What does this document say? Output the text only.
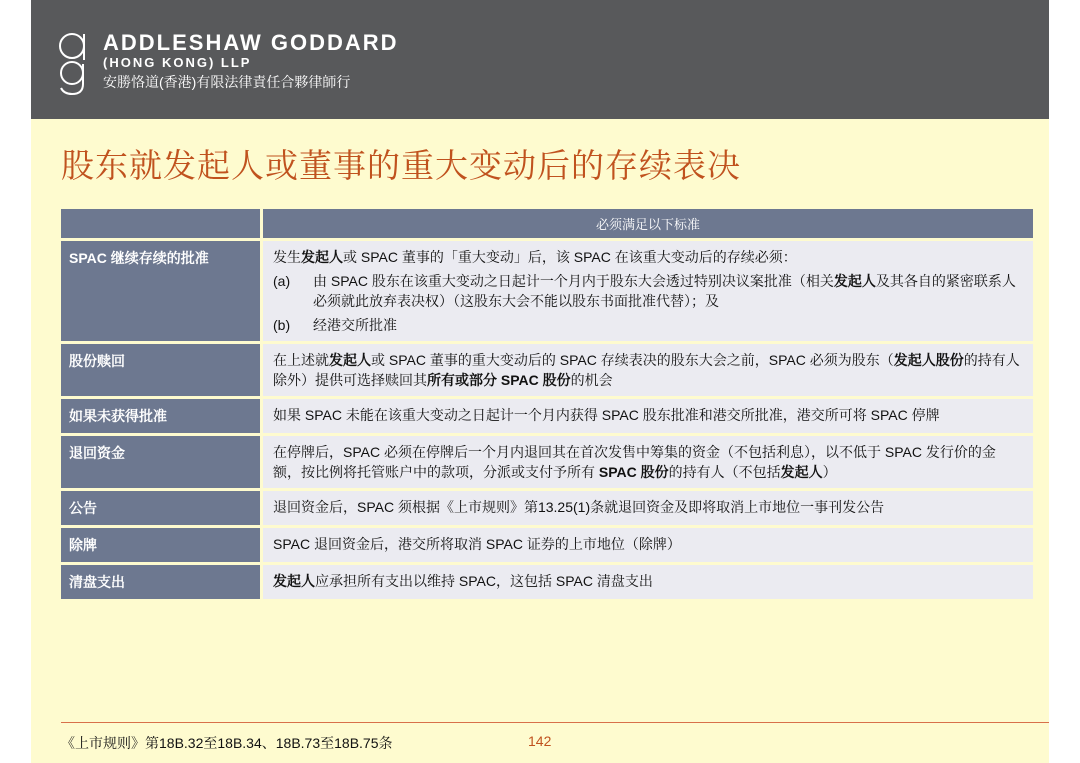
ADDLESHAW GODDARD
(HONG KONG) LLP
安勝恪道(香港)有限法律責任合夥律師行
股东就发起人或董事的重大变动后的存续表决
必须满足以下标准
SPAC 继续存续的批准	发生发起人或 SPAC 董事的「重大变动」后，该 SPAC 在该重大变动后的存续必须：
(a)	由 SPAC 股东在该重大变动之日起计一个月内于股东大会透过特别决议案批准（相关发起人及其各自的紧密联系人必须就此放弃表决权）（这股东大会不能以股东书面批准代替）；及
(b)	经港交所批准
股份赎回	在上述就发起人或 SPAC 董事的重大变动后的 SPAC 存续表决的股东大会之前，SPAC 必须为股东（发起人股份的持有人除外）提供可选择赎回其所有或部分 SPAC 股份的机会
如果未获得批准	如果 SPAC 未能在该重大变动之日起计一个月内获得 SPAC 股东批准和港交所批准，港交所可将 SPAC 停牌
退回资金	在停牌后，SPAC 必须在停牌后一个月内退回其在首次发售中筹集的资金（不包括利息），以不低于 SPAC 发行价的金额，按比例将托管账户中的款项，分派或支付予所有 SPAC 股份的持有人（不包括发起人）
公告	退回资金后，SPAC 须根据《上市规则》第13.25(1)条就退回资金及即将取消上市地位一事刊发公告
除牌	SPAC 退回资金后，港交所将取消 SPAC 证券的上市地位（除牌）
清盘支出	发起人应承担所有支出以维持 SPAC，这包括 SPAC 清盘支出
《上市规则》第18B.32至18B.34、18B.73至18B.75条	142
